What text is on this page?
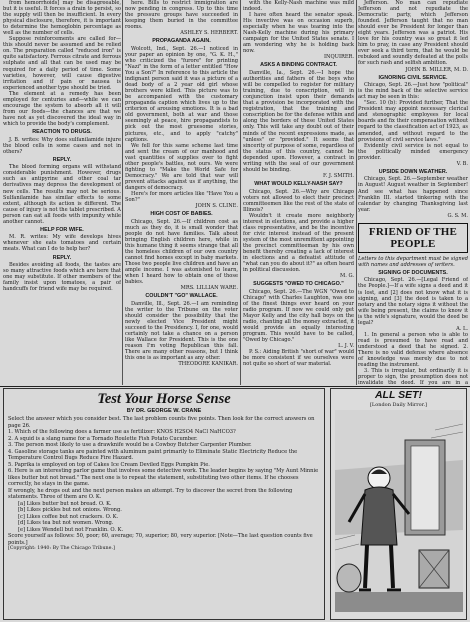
from hemorrhoids] may be disagreeable, but it is useful. It forces a drain to persist, so the supply will then be insufficient. In every physical disclosure, therefore, it is important to determine the hemoglobin percentage as well as the number of cells.

Suppose reinforcements are called for—this should never be assumed and be relied on. The preparation called "reduced iron" is quite satisfactory. Ferrous citrate and ferrous sulphate and all that can be used may be required for a daily period of time. Some varieties, however, will cause digestive irritation and if pain or nausea is experienced another type should be tried.

The element at a remedy has been employed for centuries and—while we can encourage the system to absorb all it will from our foods—the chances are that we have not as yet discovered the ideal way in which to provide the body's complement.

REACTION TO DRUGS.

J. B. writes: Why does sulfanilamide injure the blood cells in some cases and not in others?

REPLY.

The blood forming organs will withstand considerable punishment. However, drugs such as antipyrine and other coal tar derivatives may depress the development of new cells. The results may not be serious. Sulfanilamide has similar effects to some extent, although its action is different. The cause of injury is not the tablet prescribed. A person can eat all foods with impunity while another cannot.

HELP FOR WIFE.

M. R. writes: My wife develops hives whenever she eats tomatoes and certain meats. What can I do to help her?

REPLY.

Besides avoiding all foods, the tastes are so many attractive foods which are here that one may substitute. If other members of the family insist upon tomatoes, a pair of handcuffs for friend wife may be required.

here. Bills to restrict immigration are now pending in congress. Up to this time the pressure groups have succeeded in keeping them buried in the committee rooms.

ASHLEY S. HERBERT.

PROPAGANDA AGAIN.

Wolcott, Ind., Sept. 26.—I noticed in your paper an opinion by one, "G. K. H.," who criticized the "furore" for printing "Nazi" in the form of a letter entitled "How You a Son?" In reference to this article the indignant person said it was a picture of a dead body of a 2 year old girl whose brothers were killed. This picture was to be accompanied with the customary propaganda caption which lives up to the criterion of arousing emotions. It is a bad old government, both at war and those seemingly at peace, hire propagandists to pick out the most gruesome stories, pictures, etc., and to apply "catchy" captions.

We fell for this same scheme last time and sent the cream of our manhood and vast quantities of supplies over to fight other people's battles, not ours. We were fighting to "Make the World Safe for Democracy." We are told that war will prevent attacks against us if anything, the dangers of democracy.

Here's for more articles like "Have You a Son?"

JOHN S. CLINE.

HIGH COST OF BABIES.

Chicago, Sept. 26.—If children cost as much as they do, it is small wonder that people do not have families. Talk about bringing English children here, while in this humane thing it seems strange that all the homeless children of our own country cannot find homes except in baby markets. Those two people live children and have an ample income. I was astonished to learn, when I heard how to obtain one of those babies.

MRS. LILLIAN WARE.

COULDN'T "GO" WALLACE.

Danville, Ill., Sept. 26.—I am reminding the writer to the Tribune on the voter should consider the possibility that the newly elected Vice President might succeed to the Presidency. I, for one, would certainly not take a chance on a person like Wallace for President. This is the one reason I'm voting Republican this fall. There are many other reasons, but I think this one is as important as any other.

THEODORE KANIKAR.

with the Kelly-Nash machine was mild indeed.

I have often heard the senator speak. His invective was on occasion superb, especially when he was tearing into the Nash-Kelly machine during his primary campaign for the United States senate. I am wondering why he is holding back now.

INQUIRER.

ASKS A BINDING CONTRACT.

Danville, Ia., Sept. 26.—I hope the authorities and fathers of the boys who will be compelled to register for military training, due to conscription, will in conjunction insist upon their demands that a provision be incorporated with the registration, that the training and conscription be for the defense within and along the borders of these United States only. This will take any doubt out of their minds of the recent expressions made, as "unless" or "provided." It seems that sincerity of purpose of some, regardless of the status of this country, cannot be depended upon. However, a contract in writing with the seal of our government should be binding.

F. J. SMITH.

WHAT WOULD KELLY-NASH SAY?

Chicago, Sept. 26.—Why are Chicago voters not allowed to elect their precinct committeemen like the rest of the state of Illinois?

Wouldn't it create more neighborly interest in elections, and provide a higher class representative, and be the incentive for civic interest instead of the present system of the most unremittent appointing the precinct committeeman by his own benefit thereby creating a lack of interest in elections and a defeatist attitude of "what can you do about it?" as often heard in political discussion.

M. G.

SUGGESTS "OWED TO CHICAGO."

Chicago, Sept. 26.—The WGN "Owed to Chicago" with Charles Laughton, was one of the finest things ever heard on your radio program. If now we could only get Mayor Kelly and the city hall boys on the radio, chanting all the money extracted, it would provide an equally interesting program. This would have to be called, "Owed by Chicago."

L. J. V.

P. S.: Aiding British "short of war" would be more consistent if we ourselves were not quite so short of war material.

Jefferson. No man can repudiate Jefferson and not repudiate the Democratic party, which Jefferson founded. Jefferson taught that no man should ever be President for longer than eight years. Jefferson was a patriot. His love for his country was so great it led him to pray, in case any President should ever seek a third term, that he would be rebuked and soundly defeated at the polls for such rash and selfish ambition.

JOHN B. MILLER, M. D.

IGNORING CIVIL SERVICE.

Chicago, Sept. 26.—Just how "political" is the mind back of the selective service act may be seen in this:

"Sec. 10 (b): Provided further, That the President may appoint necessary clerical and stenographic employees for local boards and fix their compensation without regard to the classification act of 1923, as amended, and without regard to the provisions of civil service laws."

Evidently civil service is not equal to the politically minded emergency provider.

V. B.

UPSIDE DOWN WEATHER.

Chicago, Sept. 26.—September weather in August! August weather in September! And see what has happened since Franklin III. started tinkering with the calendar by changing Thanksgiving last year.

G. S. M.

FRIEND OF THE PEOPLE

Letters to this department must be signed with names and addresses of writers.

SIGNING OF DOCUMENTS.

Chicago, Sept. 26.—[Legal Friend of the People.]—If a wife signs a deed and it is lost, and [2] does not know what it is signing, and [3] the deed is taken to a notary and the notary signs it without the wife being present, the claims to know it is the wife's signature, would the deed be legal?

A. L.

1. In general a person who is able to read is presumed to have read and understood a deed that he signed. 2. There is no valid defense where absence of knowledge was merely due to not reading the instrument.

3. This is irregular, but ordinarily it is proper to sign, the presumption does not invalidate the deed. If you are in a

Test Your Horse Sense
BY DR. GEORGE W. CRANE
Select the answer which you consider best. The last problem counts five points. Then look for the correct answers on page 26.
1. Which of the following does a farmer use as fertilizer: KNOS H2SO4 NaCl NaHCO3?
2. A squid is a slang name for a Tornado Roulette Fish Potato Cucumber.
3. The person most likely to use a drawknife would be a Cowboy Butcher Carpenter Plumber.
4. Gasoline storage tanks are painted with aluminum paint primarily to Eliminate Static Electricity Reduce the Temperature Control Bugs Reduce Fire Hazard.
5. Paprika is employed on top of Cakes Ice Cream Deviled Eggs Pumpkin Pie.
6. Here is an interesting parlor game that involves some detective work. The leader begins by saying "My Aunt Minnie likes butter but not bread." The next one is to repeat the statement, substituting two other items. If he chooses correctly, he stays in the game.
If wrongly, he drops out and the next person makes an attempt. Try to discover the secret from the following statements. Three of them are O. K.
[a] Likes butter but not bread. O. K.
[b] Likes pickles but not onions. Wrong.
[c] Likes coffee but not crackers. O. K.
[d] Likes tea but not women. Wrong.
[e] Likes Wendell but not Franklin. O. K.
Score yourself as follows: 50, poor; 60, average; 70, superior; 80, very superior. [Note—The last question counts five points.]
[Copyright: 1940: By The Chicago Tribune.]
ALL SET!
[London Daily Mirror.]
